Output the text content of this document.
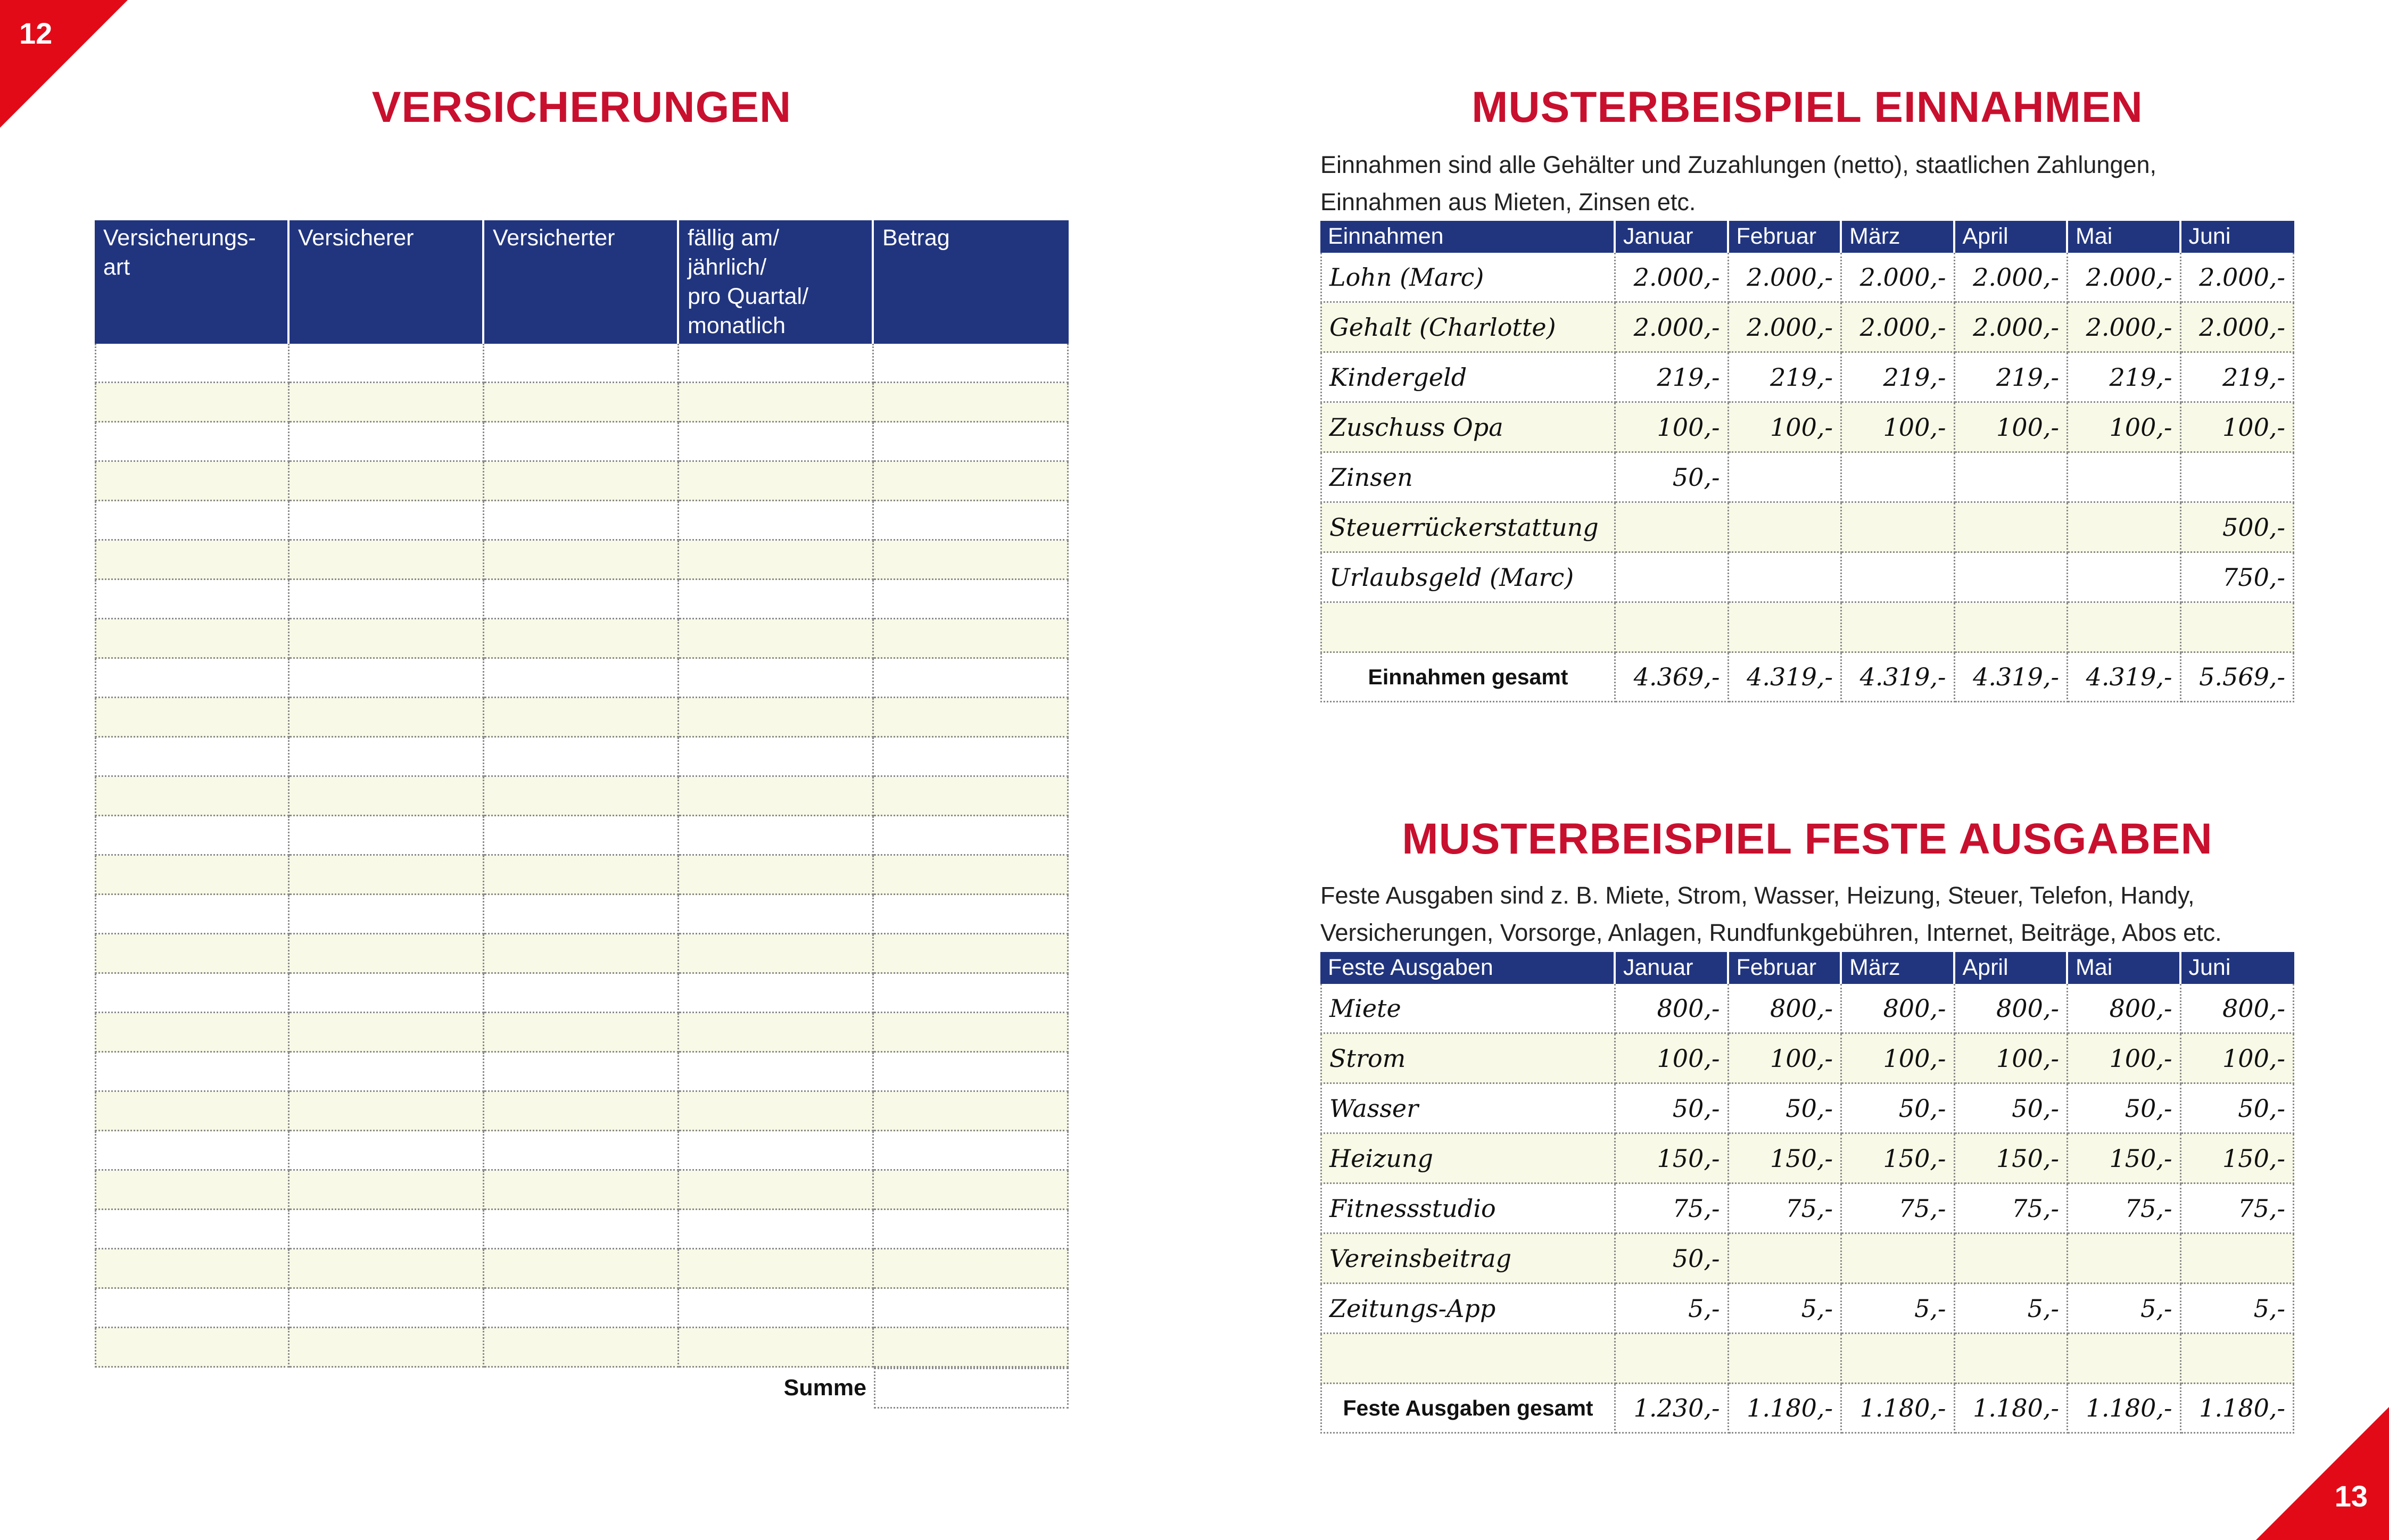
12
13
VERSICHERUNGEN
Versicherungs-
art	Versicherer	Versicherter	fällig am/
jährlich/
pro Quartal/
monatlich	Betrag

Summe				
MUSTERBEISPIEL EINNAHMEN

Einnahmen sind alle Gehälter und Zuzahlungen (netto), staatlichen Zahlungen,

Einnahmen aus Mieten, Zinsen etc.

Einnahmen	Januar	Februar	März	April	Mai	Juni
Lohn (Marc)	2.000,-	2.000,-	2.000,-	2.000,-	2.000,-	2.000,-
Gehalt (Charlotte)	2.000,-	2.000,-	2.000,-	2.000,-	2.000,-	2.000,-
Kindergeld	219,-	219,-	219,-	219,-	219,-	219,-
Zuschuss Opa	100,-	100,-	100,-	100,-	100,-	100,-
Zinsen	50,-					
Steuerrückerstattung						500,-
Urlaubsgeld (Marc)						750,-

Einnahmen gesamt	4.369,-	4.319,-	4.319,-	4.319,-	4.319,-	5.569,-
MUSTERBEISPIEL FESTE AUSGABEN

Feste Ausgaben sind z. B. Miete, Strom, Wasser, Heizung, Steuer, Telefon, Handy,

Versicherungen, Vorsorge, Anlagen, Rundfunkgebühren, Internet, Beiträge, Abos etc.

Feste Ausgaben	Januar	Februar	März	April	Mai	Juni
Miete	800,-	800,-	800,-	800,-	800,-	800,-
Strom	100,-	100,-	100,-	100,-	100,-	100,-
Wasser	50,-	50,-	50,-	50,-	50,-	50,-
Heizung	150,-	150,-	150,-	150,-	150,-	150,-
Fitnessstudio	75,-	75,-	75,-	75,-	75,-	75,-
Vereinsbeitrag	50,-					
Zeitungs-App	5,-	5,-	5,-	5,-	5,-	5,-

Feste Ausgaben gesamt	1.230,-	1.180,-	1.180,-	1.180,-	1.180,-	1.180,-
